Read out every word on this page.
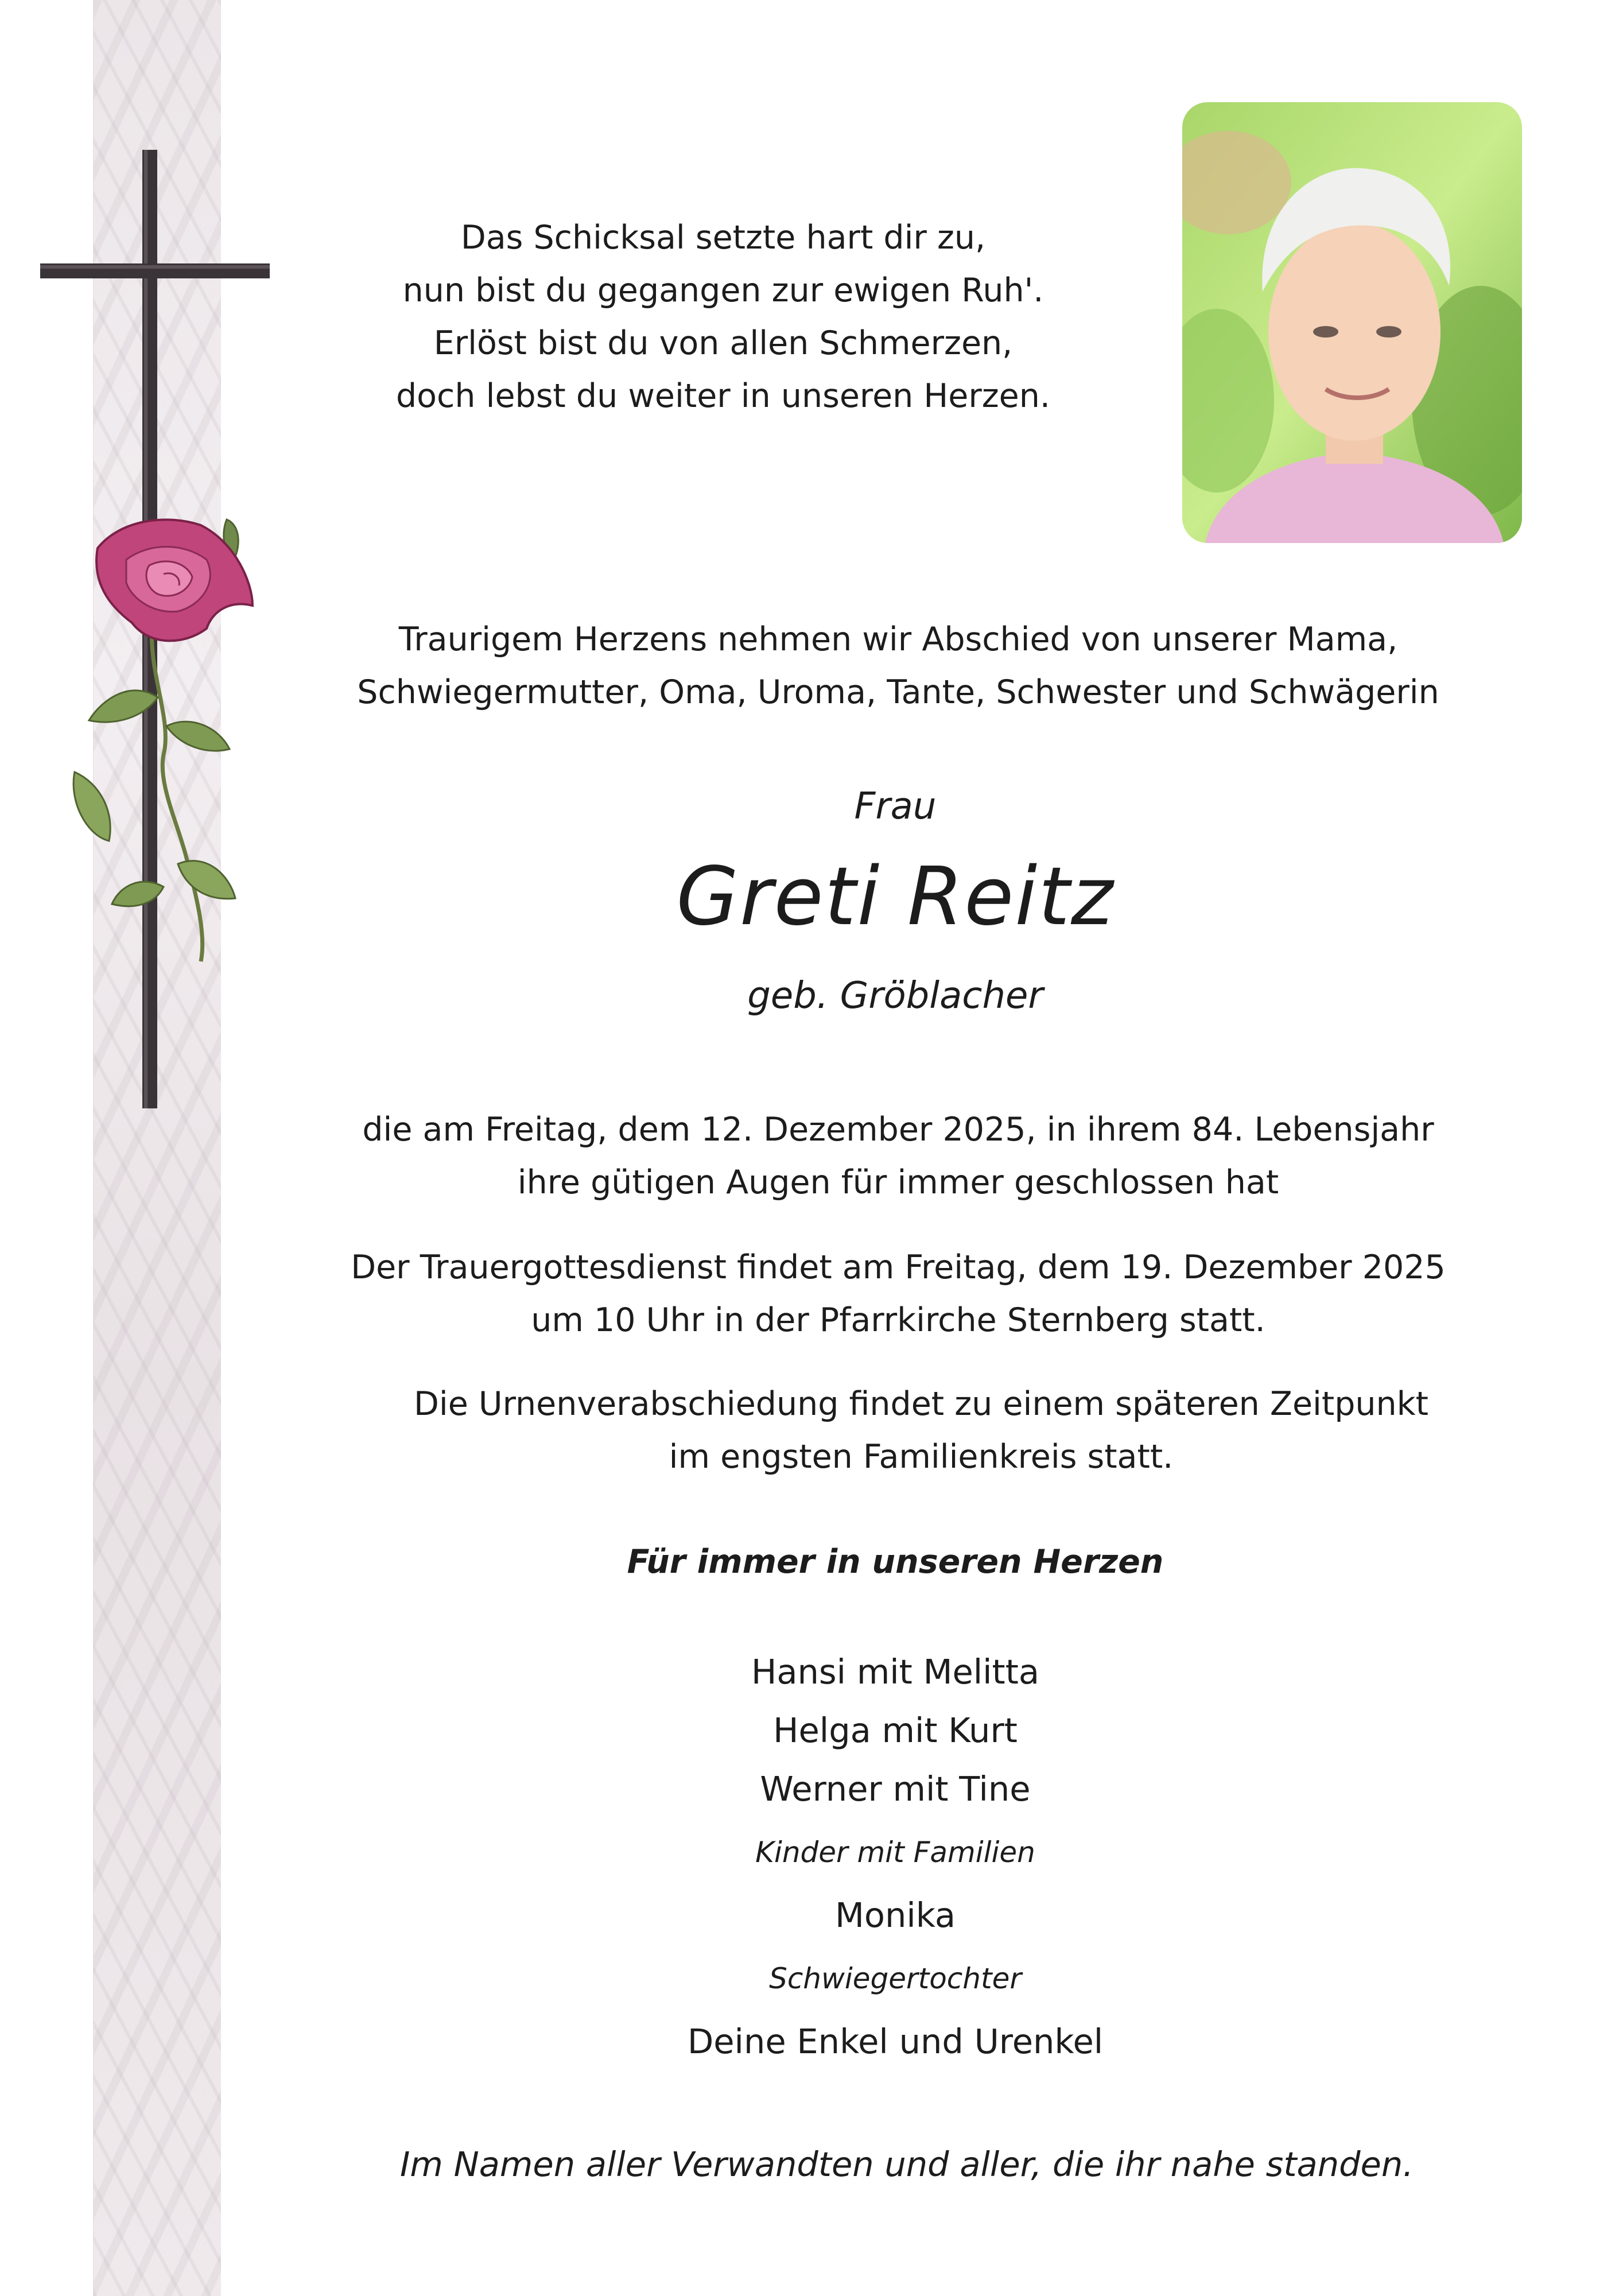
Das Schicksal setzte hart dir zu,
nun bist du gegangen zur ewigen Ruh'.
Erlöst bist du von allen Schmerzen,
doch lebst du weiter in unseren Herzen.
Traurigem Herzens nehmen wir Abschied von unserer Mama,
Schwiegermutter, Oma, Uroma, Tante, Schwester und Schwägerin
Frau
Greti Reitz
geb. Gröblacher
die am Freitag, dem 12. Dezember 2025, in ihrem 84. Lebensjahr
ihre gütigen Augen für immer geschlossen hat
Der Trauergottesdienst findet am Freitag, dem 19. Dezember 2025
um 10 Uhr in der Pfarrkirche Sternberg statt.
Die Urnenverabschiedung findet zu einem späteren Zeitpunkt
im engsten Familienkreis statt.
Für immer in unseren Herzen
Hansi mit Melitta
Helga mit Kurt
Werner mit Tine
Kinder mit Familien
Monika
Schwiegertochter
Deine Enkel und Urenkel
Im Namen aller Verwandten und aller, die ihr nahe standen.
